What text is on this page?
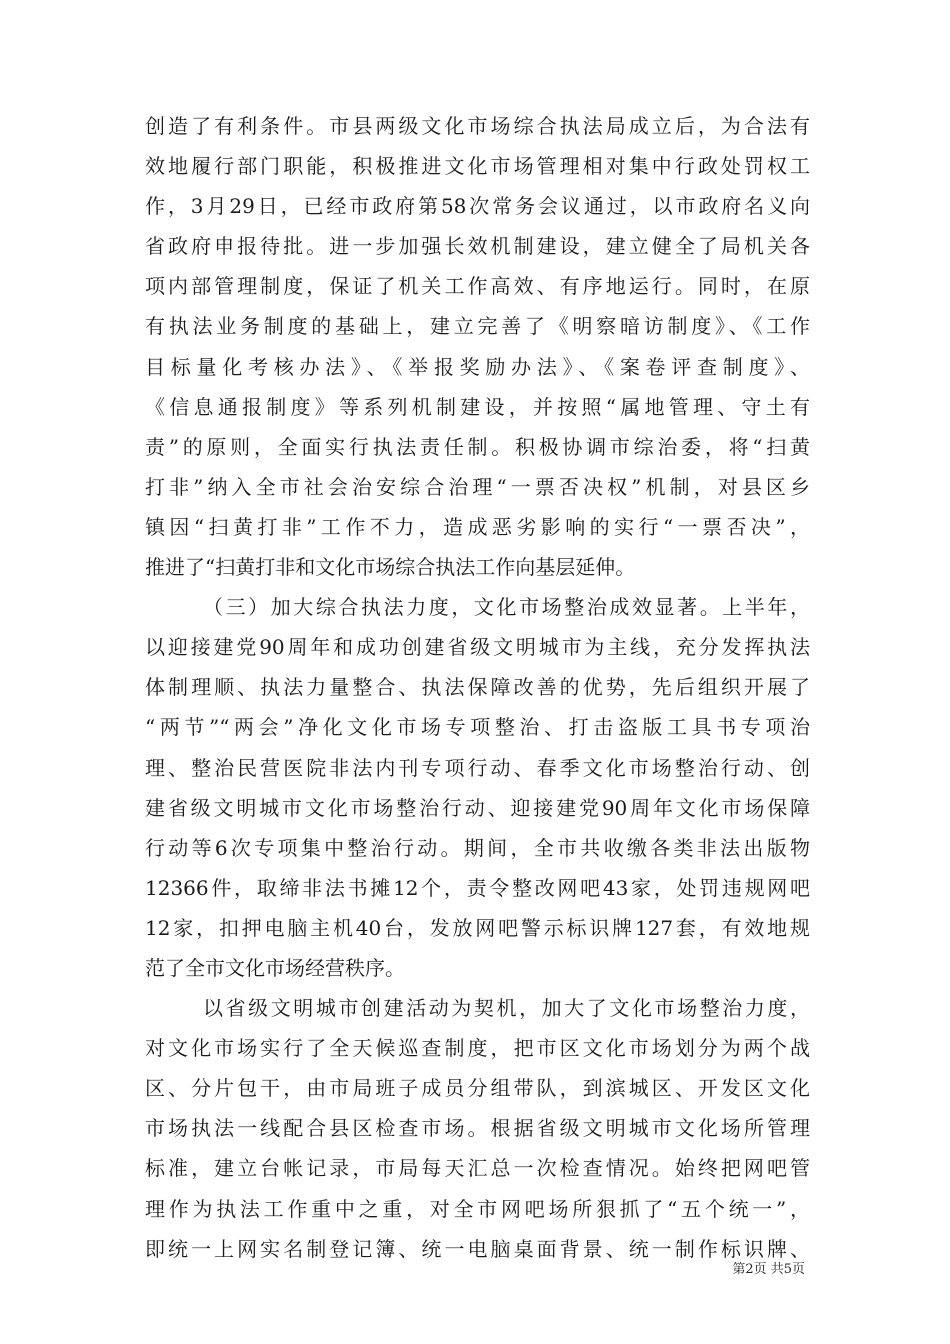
创造了有利条件。市县两级文化市场综合执法局成立后，为合法有
效地履行部门职能，积极推进文化市场管理相对集中行政处罚权工
作，3月29日，已经市政府第58次常务会议通过，以市政府名义向
省政府申报待批。进一步加强长效机制建设，建立健全了局机关各
项内部管理制度，保证了机关工作高效、有序地运行。同时，在原
有执法业务制度的基础上，建立完善了《明察暗访制度》、《工作
目标量化考核办法》、《举报奖励办法》、《案卷评查制度》、
《信息通报制度》等系列机制建设，并按照“属地管理、守土有
责”的原则，全面实行执法责任制。积极协调市综治委，将“扫黄
打非”纳入全市社会治安综合治理“一票否决权”机制，对县区乡
镇因“扫黄打非”工作不力，造成恶劣影响的实行“一票否决”，
推进了“扫黄打非和文化市场综合执法工作向基层延伸。
（三）加大综合执法力度，文化市场整治成效显著。上半年，
以迎接建党90周年和成功创建省级文明城市为主线，充分发挥执法
体制理顺、执法力量整合、执法保障改善的优势，先后组织开展了
“两节”“两会”净化文化市场专项整治、打击盗版工具书专项治
理、整治民营医院非法内刊专项行动、春季文化市场整治行动、创
建省级文明城市文化市场整治行动、迎接建党90周年文化市场保障
行动等6次专项集中整治行动。期间，全市共收缴各类非法出版物
12366件，取缔非法书摊12个，责令整改网吧43家，处罚违规网吧
12家，扣押电脑主机40台，发放网吧警示标识牌127套，有效地规
范了全市文化市场经营秩序。
以省级文明城市创建活动为契机，加大了文化市场整治力度，
对文化市场实行了全天候巡查制度，把市区文化市场划分为两个战
区、分片包干，由市局班子成员分组带队，到滨城区、开发区文化
市场执法一线配合县区检查市场。根据省级文明城市文化场所管理
标准，建立台帐记录，市局每天汇总一次检查情况。始终把网吧管
理作为执法工作重中之重，对全市网吧场所狠抓了“五个统一”，
即统一上网实名制登记簿、统一电脑桌面背景、统一制作标识牌、
第2页 共5页
